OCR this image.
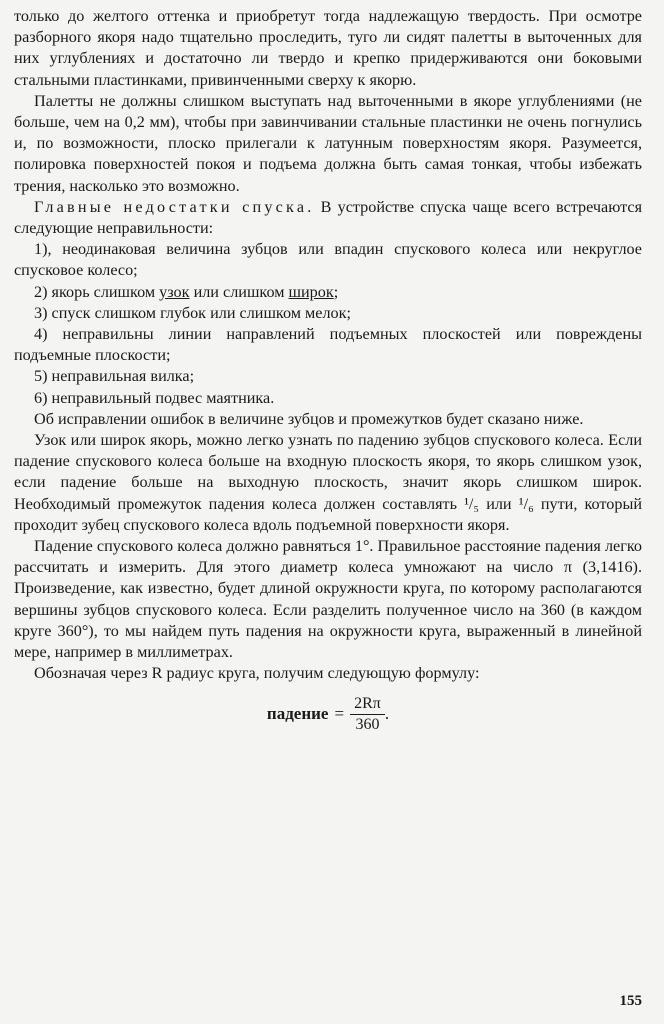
только до желтого оттенка и приобретут тогда надлежащую твердость. При осмотре разборного якоря надо тщательно проследить, туго ли сидят палетты в выточенных для них углублениях и достаточно ли твердо и крепко придерживаются они боковыми стальными пластинками, привинченными сверху к якорю.

Палетты не должны слишком выступать над выточенными в якоре углублениями (не больше, чем на 0,2 мм), чтобы при завинчивании стальные пластинки не очень погнулись и, по возможности, плоско прилегали к латунным поверхностям якоря. Разумеется, полировка поверхностей покоя и подъема должна быть самая тонкая, чтобы избежать трения, насколько это возможно.

Главные недостатки спуска. В устройстве спуска чаще всего встречаются следующие неправильности:

1), неодинаковая величина зубцов или впадин спускового колеса или некруглое спусковое колесо;

2) якорь слишком узок или слишком широк;

3) спуск слишком глубок или слишком мелок;

4) неправильны линии направлений подъемных плоскостей или повреждены подъемные плоскости;

5) неправильная вилка;

6) неправильный подвес маятника.

Об исправлении ошибок в величине зубцов и промежутков будет сказано ниже.

Узок или широк якорь, можно легко узнать по падению зубцов спускового колеса. Если падение спускового колеса больше на входную плоскость якоря, то якорь слишком узок, если падение больше на выходную плоскость, значит якорь слишком широк. Необходимый промежуток падения колеса должен составлять ¹/₅ или ¹/₆ пути, который проходит зубец спускового колеса вдоль подъемной поверхности якоря.

Падение спускового колеса должно равняться 1°. Правильное расстояние падения легко рассчитать и измерить. Для этого диаметр колеса умножают на число π (3,1416). Произведение, как известно, будет длиной окружности круга, по которому располагаются вершины зубцов спускового колеса. Если разделить полученное число на 360 (в каждом круге 360°), то мы найдем путь падения на окружности круга, выраженный в линейной мере, например в миллиметрах.

Обозначая через R радиус круга, получим следующую формулу:

падение = $\frac{2R\pi}{360}$ .
155
